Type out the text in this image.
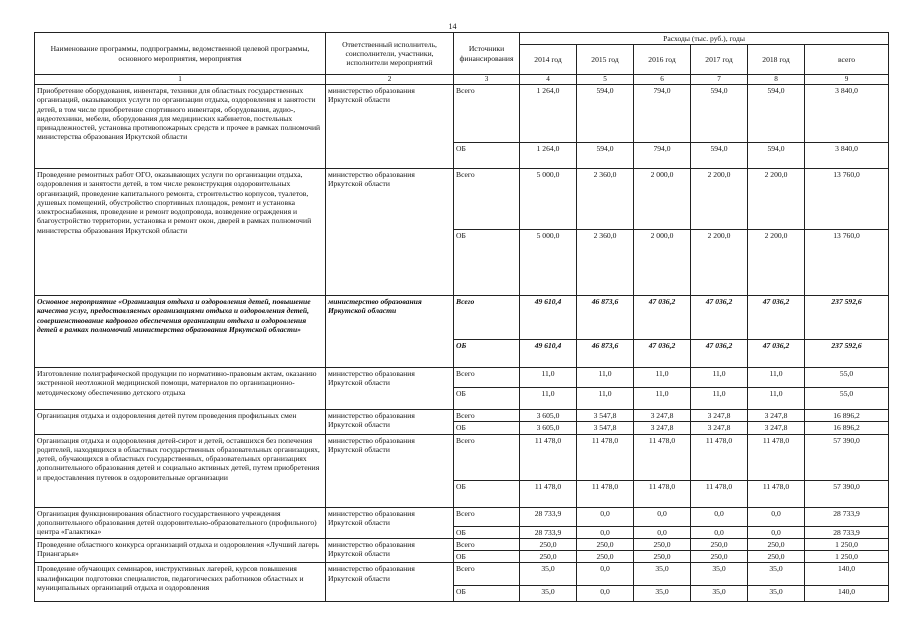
14
Наименование программы, подпрограммы, ведомственной целевой программы, основного мероприятия, мероприятия	Ответственный исполнитель, соисполнители, участники, исполнители мероприятий	Источники финансирования	Расходы (тыс. руб.), годы					
			2014 год	2015 год	2016 год	2017 год	2018 год	всего
1	2	3	4	5	6	7	8	9
Приобретение оборудования, инвентаря, техники для областных государственных организаций, оказывающих услуги по организации отдыха, оздоровления и занятости детей, в том числе приобретение спортивного инвентаря, оборудования, аудио-, видеотехники, мебели, оборудования для медицинских кабинетов, постельных принадлежностей, установка противопожарных средств и прочее в рамках полномочий министерства образования Иркутской области	министерство образования Иркутской области	Всего	1 264,0	594,0	794,0	594,0	594,0	3 840,0
		ОБ	1 264,0	594,0	794,0	594,0	594,0	3 840,0
Проведение ремонтных работ ОГО, оказывающих услуги по организации отдыха, оздоровления и занятости детей, в том числе реконструкция оздоровительных организаций, проведение капитального ремонта, строительство корпусов, туалетов, душевых помещений, обустройство спортивных площадок, ремонт и установка электроснабжения, проведение и ремонт водопровода, возведение ограждения и благоустройство территории, установка и ремонт окон, дверей в рамках полномочий министерства образования Иркутской области	министерство образования Иркутской области	Всего	5 000,0	2 360,0	2 000,0	2 200,0	2 200,0	13 760,0
		ОБ	5 000,0	2 360,0	2 000,0	2 200,0	2 200,0	13 760,0
Основное мероприятие «Организация отдыха и оздоровления детей, повышение качества услуг, предоставляемых организациями отдыха и оздоровления детей, совершенствование кадрового обеспечения организации отдыха и оздоровления детей в рамках полномочий министерства образования Иркутской области»	министерство образования Иркутской области	Всего	49 610,4	46 873,6	47 036,2	47 036,2	47 036,2	237 592,6
		ОБ	49 610,4	46 873,6	47 036,2	47 036,2	47 036,2	237 592,6
Изготовление полиграфической продукции по нормативно-правовым актам, оказанию экстренной неотложной медицинской помощи, материалов по организационно-методическому обеспечению детского отдыха	министерство образования Иркутской области	Всего	11,0	11,0	11,0	11,0	11,0	55,0
		ОБ	11,0	11,0	11,0	11,0	11,0	55,0
Организация отдыха и оздоровления детей путем проведения профильных смен	министерство образования Иркутской области	Всего	3 605,0	3 547,8	3 247,8	3 247,8	3 247,8	16 896,2
		ОБ	3 605,0	3 547,8	3 247,8	3 247,8	3 247,8	16 896,2
Организация отдыха и оздоровления детей-сирот и детей, оставшихся без попечения родителей, находящихся в областных государственных образовательных организациях, детей, обучающихся в областных государственных, образовательных организациях дополнительного образования детей и социально активных детей, путем приобретения и предоставления путевок в оздоровительные организации	министерство образования Иркутской области	Всего	11 478,0	11 478,0	11 478,0	11 478,0	11 478,0	57 390,0
		ОБ	11 478,0	11 478,0	11 478,0	11 478,0	11 478,0	57 390,0
Организация функционирования областного государственного учреждения дополнительного образования детей оздоровительно-образовательного (профильного) центра «Галактика»	министерство образования Иркутской области	Всего	28 733,9	0,0	0,0	0,0	0,0	28 733,9
		ОБ	28 733,9	0,0	0,0	0,0	0,0	28 733,9
Проведение областного конкурса организаций отдыха и оздоровления «Лучший лагерь Приангарья»	министерство образования Иркутской области	Всего	250,0	250,0	250,0	250,0	250,0	1 250,0
		ОБ	250,0	250,0	250,0	250,0	250,0	1 250,0
Проведение обучающих семинаров, инструктивных лагерей, курсов повышения квалификации подготовки специалистов, педагогических работников областных и муниципальных организаций отдыха и оздоровления	министерство образования Иркутской области	Всего	35,0	0,0	35,0	35,0	35,0	140,0
		ОБ	35,0	0,0	35,0	35,0	35,0	140,0
